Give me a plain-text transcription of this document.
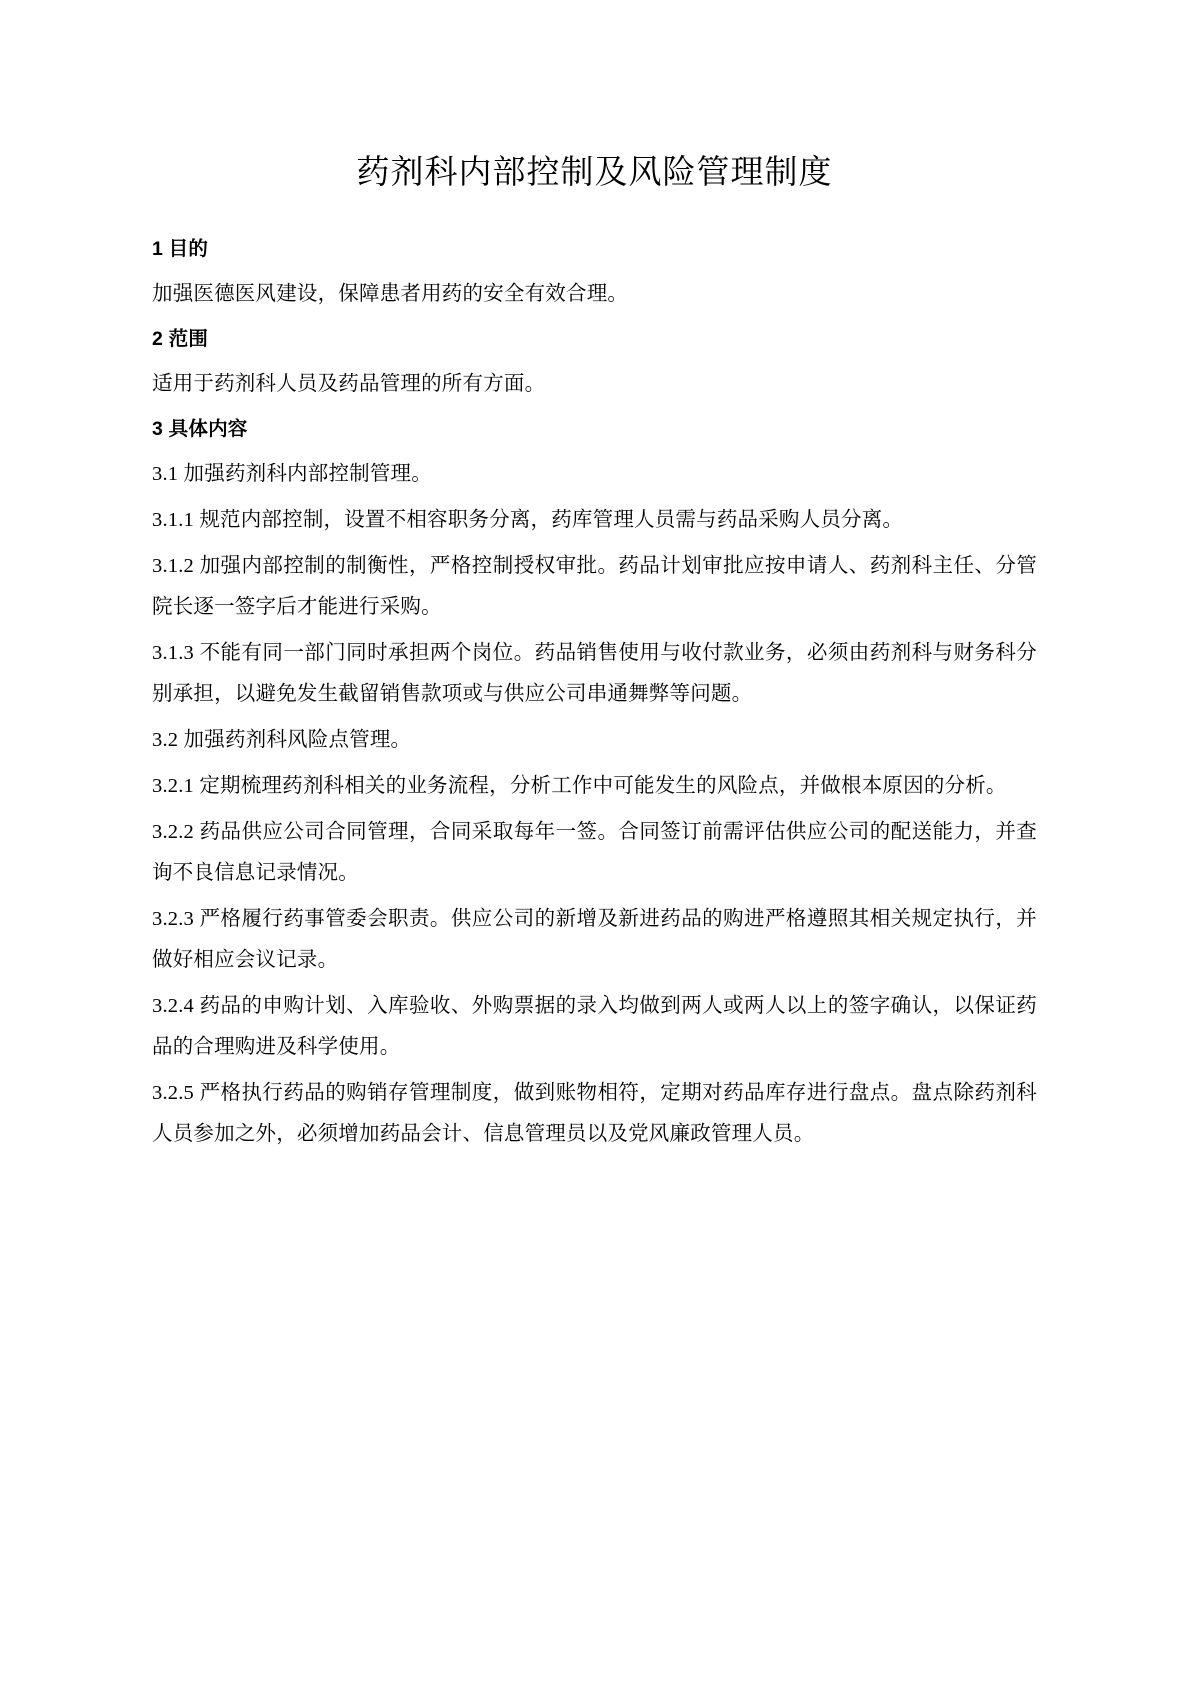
药剂科内部控制及风险管理制度
1 目的

加强医德医风建设，保障患者用药的安全有效合理。

2 范围

适用于药剂科人员及药品管理的所有方面。

3 具体内容

3.1 加强药剂科内部控制管理。

3.1.1 规范内部控制，设置不相容职务分离，药库管理人员需与药品采购人员分离。

3.1.2 加强内部控制的制衡性，严格控制授权审批。药品计划审批应按申请人、药剂科主任、分管院长逐一签字后才能进行采购。

3.1.3 不能有同一部门同时承担两个岗位。药品销售使用与收付款业务，必须由药剂科与财务科分别承担，以避免发生截留销售款项或与供应公司串通舞弊等问题。

3.2 加强药剂科风险点管理。

3.2.1 定期梳理药剂科相关的业务流程，分析工作中可能发生的风险点，并做根本原因的分析。

3.2.2 药品供应公司合同管理，合同采取每年一签。合同签订前需评估供应公司的配送能力，并查询不良信息记录情况。

3.2.3 严格履行药事管委会职责。供应公司的新增及新进药品的购进严格遵照其相关规定执行，并做好相应会议记录。

3.2.4 药品的申购计划、入库验收、外购票据的录入均做到两人或两人以上的签字确认，以保证药品的合理购进及科学使用。

3.2.5 严格执行药品的购销存管理制度，做到账物相符，定期对药品库存进行盘点。盘点除药剂科人员参加之外，必须增加药品会计、信息管理员以及党风廉政管理人员。
